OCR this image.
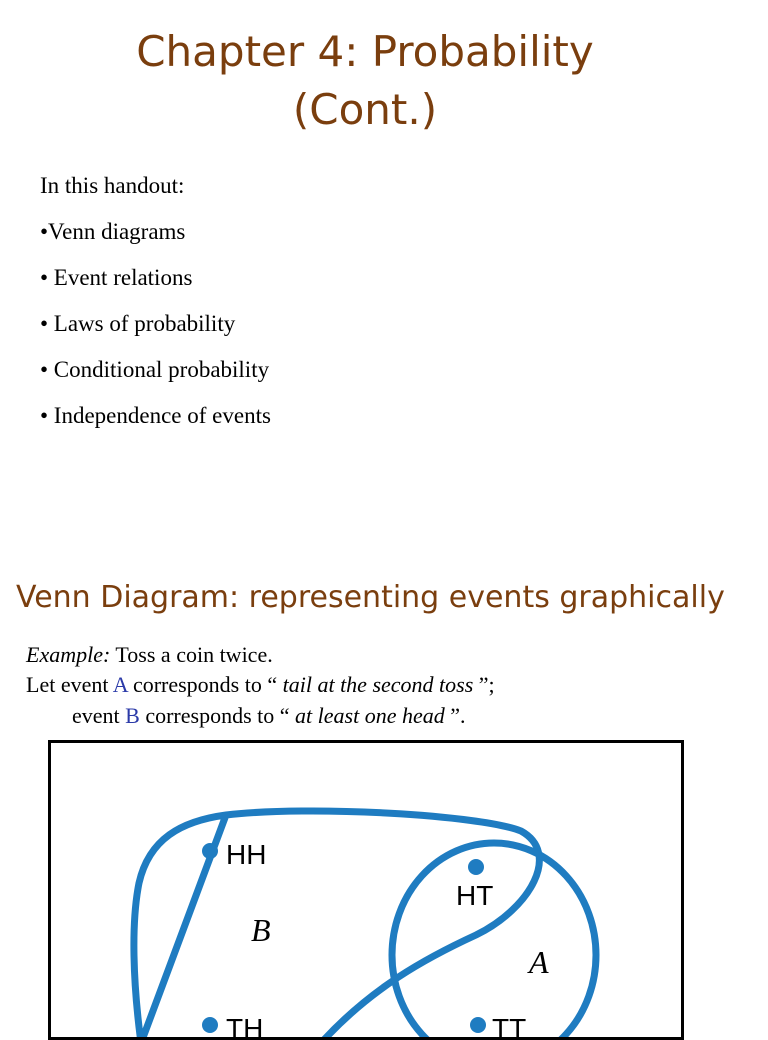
Chapter 4: Probability
(Cont.)
In this handout:
•Venn diagrams
• Event relations
• Laws of probability
• Conditional probability
• Independence of events
Venn Diagram: representing events graphically
Example: Toss a coin twice.
Let event A corresponds to “ tail at the second toss ”;
event B corresponds to “ at least one head ”.
HH
HT
TH	TT
B
A
